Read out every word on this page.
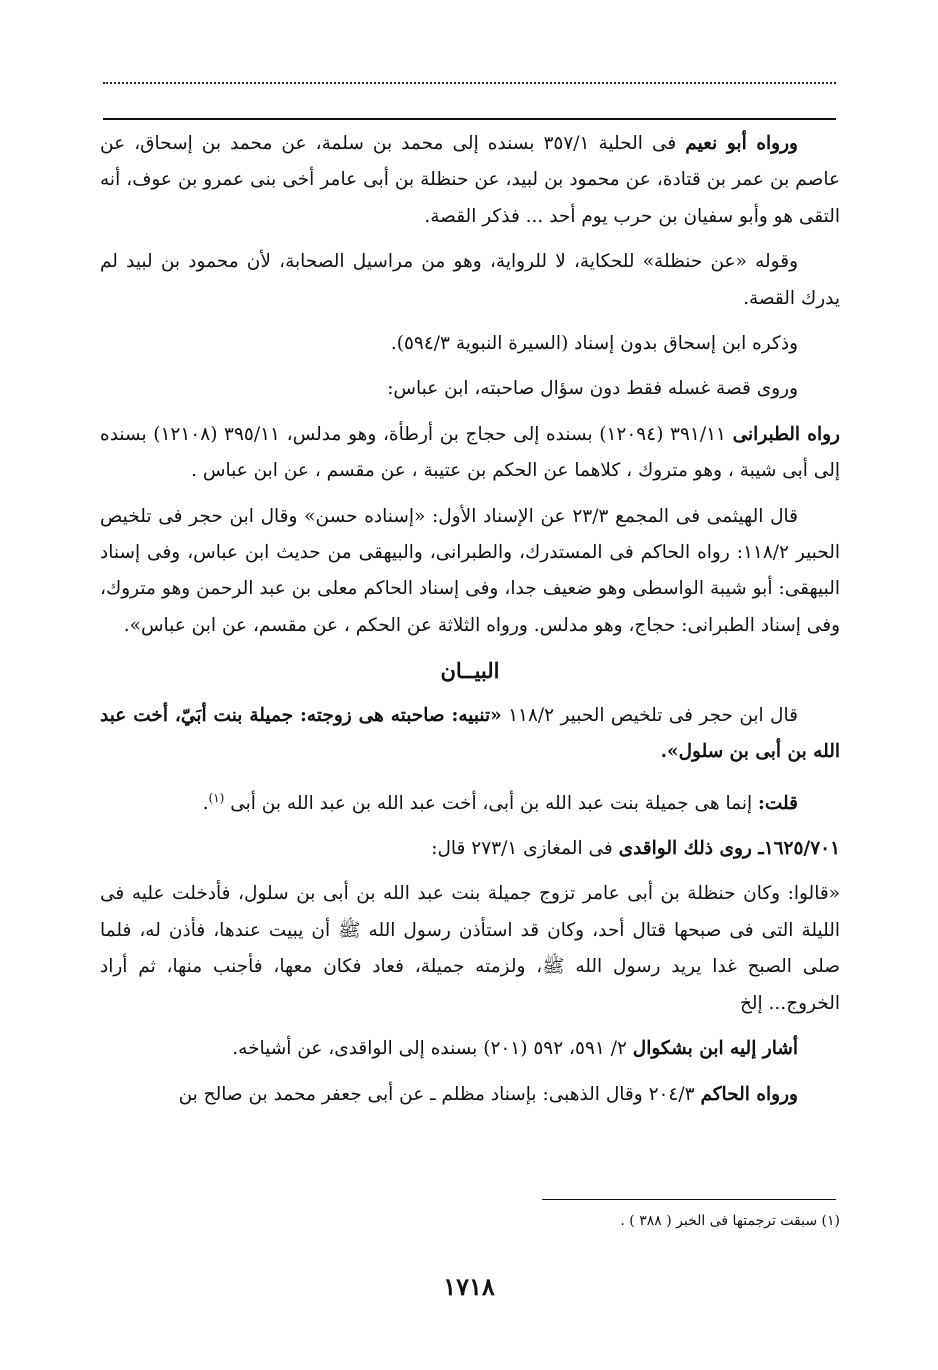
ورواه أبو نعيم فى الحلية ٣٥٧/١ بسنده إلى محمد بن سلمة، عن محمد بن إسحاق، عن عاصم بن عمر بن قتادة، عن محمود بن لبيد، عن حنظلة بن أبى عامر أخى بنى عمرو بن عوف، أنه التقى هو وأبو سفيان بن حرب يوم أحد ... فذكر القصة.

وقوله «عن حنظلة» للحكاية، لا للرواية، وهو من مراسيل الصحابة، لأن محمود بن لبيد لم يدرك القصة.

وذكره ابن إسحاق بدون إسناد (السيرة النبوية ٥٩٤/٣).

وروى قصة غسله فقط دون سؤال صاحبته، ابن عباس:

رواه الطبرانى ٣٩١/١١ (١٢٠٩٤) بسنده إلى حجاج بن أرطأة، وهو مدلس، ٣٩٥/١١ (١٢١٠٨) بسنده إلى أبى شيبة ، وهو متروك ، كلاهما عن الحكم بن عتيبة ، عن مقسم ، عن ابن عباس .

قال الهيثمى فى المجمع ٢٣/٣ عن الإسناد الأول: «إسناده حسن» وقال ابن حجر فى تلخيص الحبير ١١٨/٢: رواه الحاكم فى المستدرك، والطبرانى، والبيهقى من حديث ابن عباس، وفى إسناد البيهقى: أبو شيبة الواسطى وهو ضعيف جدا، وفى إسناد الحاكم معلى بن عبد الرحمن وهو متروك، وفى إسناد الطبرانى: حجاج، وهو مدلس. ورواه الثلاثة عن الحكم ، عن مقسم، عن ابن عباس».

البيــان

قال ابن حجر فى تلخيص الحبير ١١٨/٢ «تنبيه: صاحبته هى زوجته: جميلة بنت أبَيّ، أخت عبد الله بن أبى بن سلول».

قلت: إنما هى جميلة بنت عبد الله بن أبى، أخت عبد الله بن عبد الله بن أبى $^{(١)}$.

١٦٢٥/٧٠١ـ روى ذلك الواقدى فى المغازى ٢٧٣/١ قال:

«قالوا: وكان حنظلة بن أبى عامر تزوج جميلة بنت عبد الله بن أبى بن سلول، فأدخلت عليه فى الليلة التى فى صبحها قتال أحد، وكان قد استأذن رسول الله ﷺ أن يبيت عندها، فأذن له، فلما صلى الصبح غدا يريد رسول الله ﷺ، ولزمته جميلة، فعاد فكان معها، فأجنب منها، ثم أراد الخروج... إلخ

أشار إليه ابن بشكوال ٢/ ٥٩١، ٥٩٢ (٢٠١) بسنده إلى الواقدى، عن أشياخه.

ورواه الحاكم ٢٠٤/٣ وقال الذهبى: بإسناد مظلم ـ عن أبى جعفر محمد بن صالح بن

(١) سبقت ترجمتها فى الخبر ( ٣٨٨ ) .
١٧١٨
